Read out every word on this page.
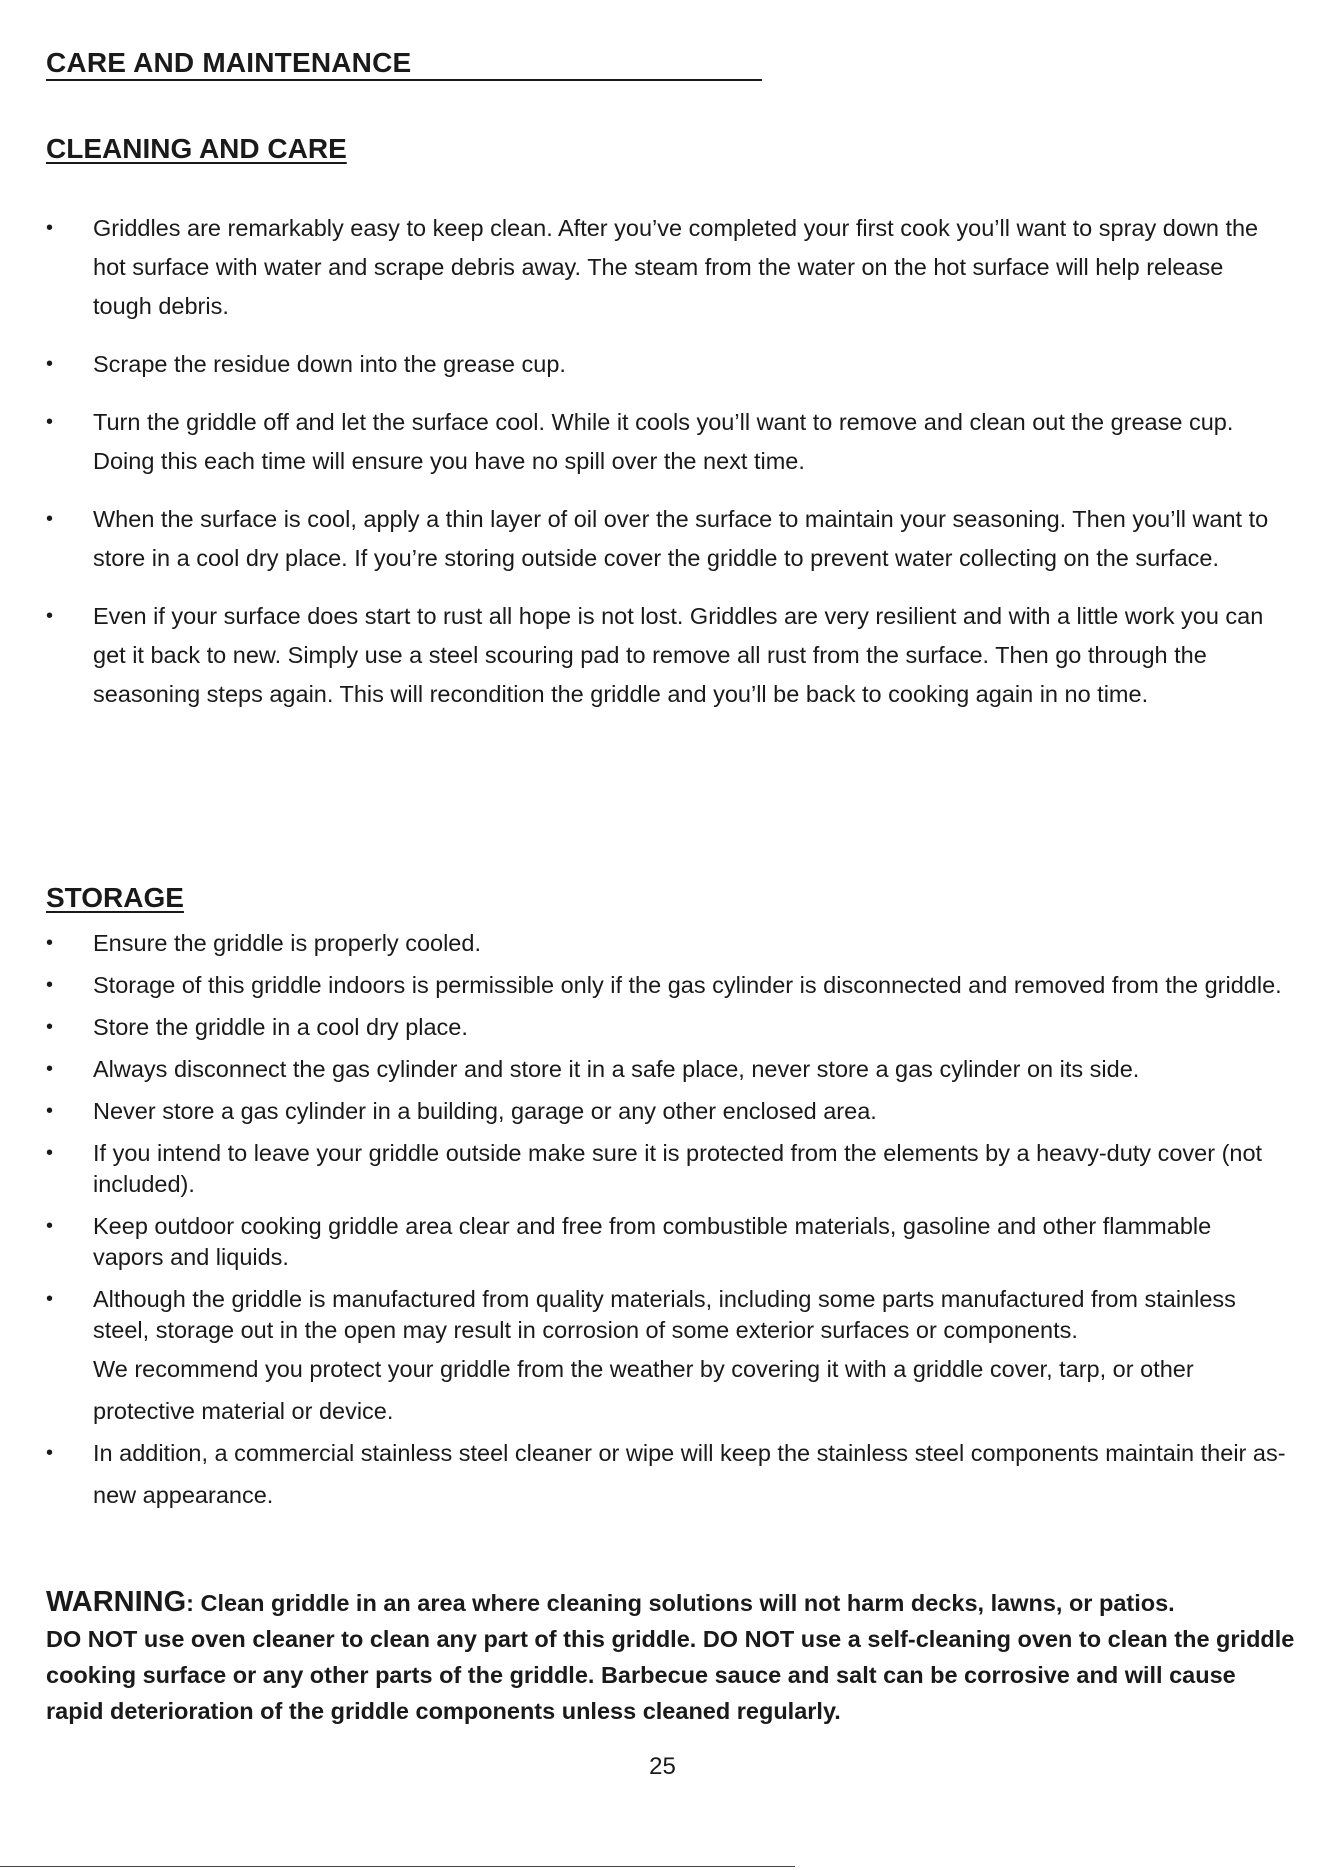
CARE AND MAINTENANCE
CLEANING AND CARE
• Griddles are remarkably easy to keep clean. After you’ve completed your first cook you’ll want to spray down the hot surface with water and scrape debris away. The steam from the water on the hot surface will help release tough debris.
• Scrape the residue down into the grease cup.
• Turn the griddle off and let the surface cool. While it cools you’ll want to remove and clean out the grease cup. Doing this each time will ensure you have no spill over the next time.
• When the surface is cool, apply a thin layer of oil over the surface to maintain your seasoning. Then you’ll want to store in a cool dry place. If you’re storing outside cover the griddle to prevent water collecting on the surface.
• Even if your surface does start to rust all hope is not lost. Griddles are very resilient and with a little work you can get it back to new. Simply use a steel scouring pad to remove all rust from the surface. Then go through the seasoning steps again. This will recondition the griddle and you’ll be back to cooking again in no time.
STORAGE
• Ensure the griddle is properly cooled.
• Storage of this griddle indoors is permissible only if the gas cylinder is disconnected and removed from the griddle.
• Store the griddle in a cool dry place.
• Always disconnect the gas cylinder and store it in a safe place, never store a gas cylinder on its side.
• Never store a gas cylinder in a building, garage or any other enclosed area.
• If you intend to leave your griddle outside make sure it is protected from the elements by a heavy-duty cover (not included).
• Keep outdoor cooking griddle area clear and free from combustible materials, gasoline and other flammable vapors and liquids.
• Although the griddle is manufactured from quality materials, including some parts manufactured from stainless steel, storage out in the open may result in corrosion of some exterior surfaces or components.
We recommend you protect your griddle from the weather by covering it with a griddle cover, tarp, or other protective material or device.
• In addition, a commercial stainless steel cleaner or wipe will keep the stainless steel components maintain their as-new appearance.
WARNING: Clean griddle in an area where cleaning solutions will not harm decks, lawns, or patios.
DO NOT use oven cleaner to clean any part of this griddle. DO NOT use a self-cleaning oven to clean the griddle cooking surface or any other parts of the griddle. Barbecue sauce and salt can be corrosive and will cause rapid deterioration of the griddle components unless cleaned regularly.
25
